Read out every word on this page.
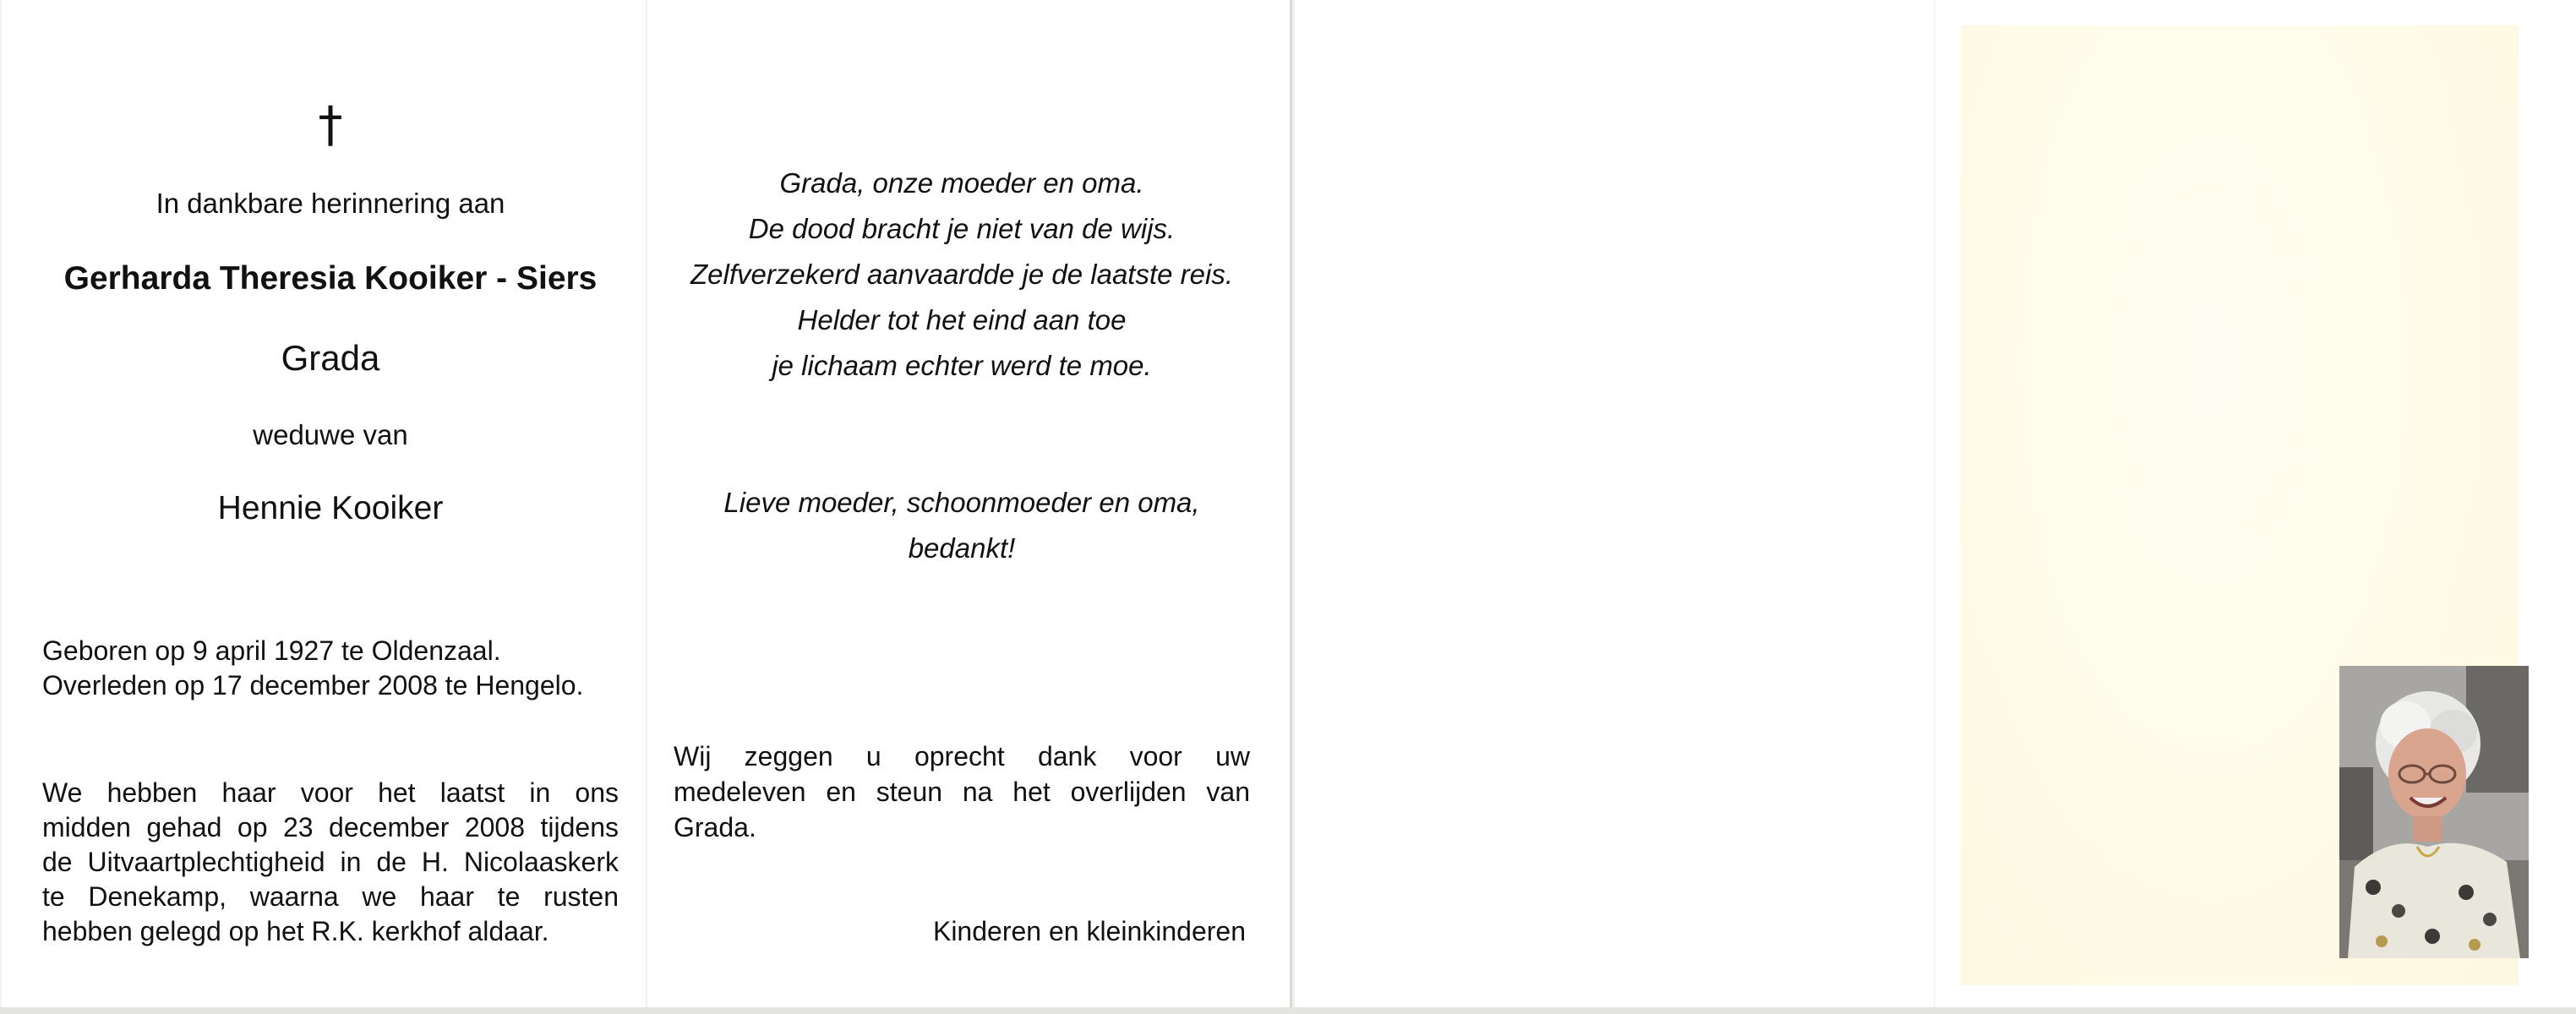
†
In dankbare herinnering aan
Gerharda Theresia Kooiker - Siers
Grada
weduwe van
Hennie Kooiker
Geboren op 9 april 1927 te Oldenzaal.
Overleden op 17 december 2008 te Hengelo.
We hebben haar voor het laatst in ons
midden gehad op 23 december 2008 tijdens
de Uitvaartplechtigheid in de H. Nicolaaskerk
te Denekamp, waarna we haar te rusten
hebben gelegd op het R.K. kerkhof aldaar.
Grada, onze moeder en oma.
De dood bracht je niet van de wijs.
Zelfverzekerd aanvaardde je de laatste reis.
Helder tot het eind aan toe
je lichaam echter werd te moe.
Lieve moeder, schoonmoeder en oma,
bedankt!
Wij zeggen u oprecht dank voor uw
medeleven en steun na het overlijden van
Grada.
Kinderen en kleinkinderen
